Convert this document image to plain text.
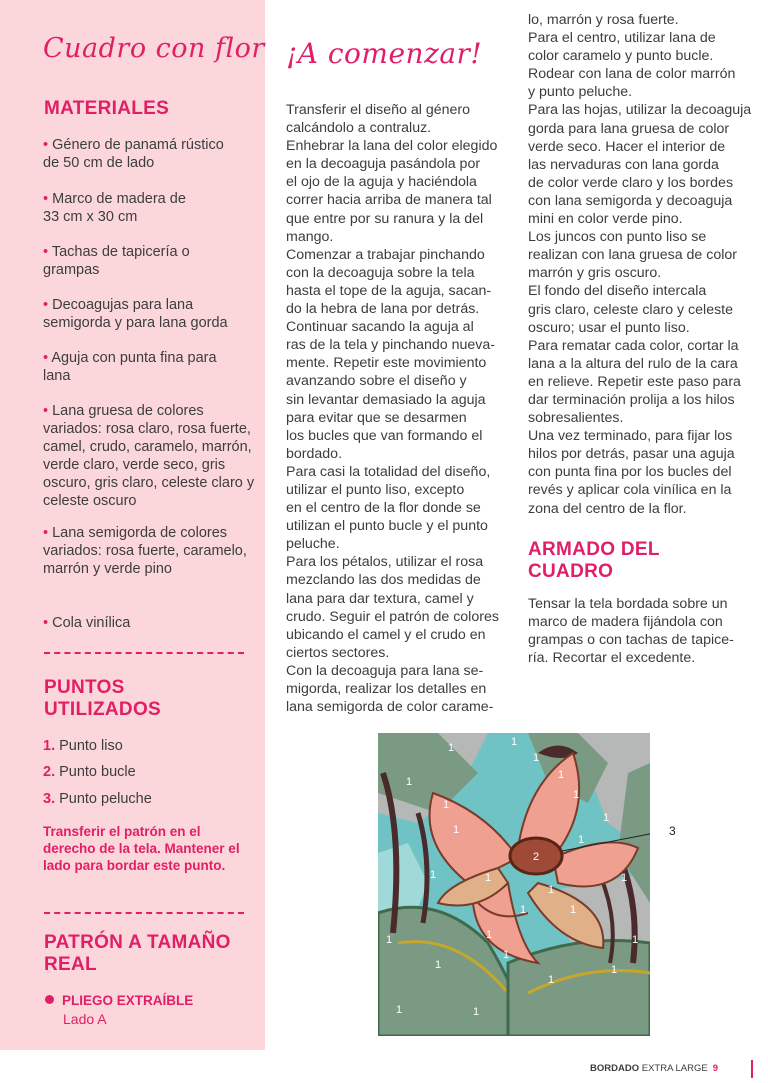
Cuadro con flor
MATERIALES
• Género de panamá rústico
de 50 cm de lado
• Marco de madera de
33 cm x 30 cm
• Tachas de tapicería o
grampas
• Decoagujas para lana
semigorda y para lana gorda
• Aguja con punta fina para
lana
• Lana gruesa de colores variados: rosa claro, rosa fuerte, camel, crudo, caramelo, marrón, verde claro, verde seco, gris oscuro, gris claro, celeste claro y celeste oscuro
• Lana semigorda de colores variados: rosa fuerte, caramelo, marrón y verde pino
• Cola vinílica
PUNTOS UTILIZADOS
1. Punto liso
2. Punto bucle
3. Punto peluche
Transferir el patrón en el derecho de la tela. Mantener el lado para bordar este punto.
PATRÓN A TAMAÑO REAL
PLIEGO EXTRAÍBLE
Lado A
¡A comenzar!
Transferir el diseño al género
calcándolo a contraluz.
Enhebrar la lana del color elegido
en la decoaguja pasándola por
el ojo de la aguja y haciéndola
correr hacia arriba de manera tal
que entre por su ranura y la del
mango.
Comenzar a trabajar pinchando
con la decoaguja sobre la tela
hasta el tope de la aguja, sacan-
do la hebra de lana por detrás.
Continuar sacando la aguja al
ras de la tela y pinchando nueva-
mente. Repetir este movimiento
avanzando sobre el diseño y
sin levantar demasiado la aguja
para evitar que se desarmen
los bucles que van formando el
bordado.
Para casi la totalidad del diseño,
utilizar el punto liso, excepto
en el centro de la flor donde se
utilizan el punto bucle y el punto
peluche.
Para los pétalos, utilizar el rosa
mezclando las dos medidas de
lana para dar textura, camel y
crudo. Seguir el patrón de colores
ubicando el camel y el crudo en
ciertos sectores.
Con la decoaguja para lana se-
migorda, realizar los detalles en
lana semigorda de color carame-
lo, marrón y rosa fuerte.
Para el centro, utilizar lana de
color caramelo y punto bucle.
Rodear con lana de color marrón
y punto peluche.
Para las hojas, utilizar la decoaguja
gorda para lana gruesa de color
verde seco. Hacer el interior de
las nervaduras con lana gorda
de color verde claro y los bordes
con lana semigorda y decoaguja
mini en color verde pino.
Los juncos con punto liso se
realizan con lana gruesa de color
marrón y gris oscuro.
El fondo del diseño intercala
gris claro, celeste claro y celeste
oscuro; usar el punto liso.
Para rematar cada color, cortar la
lana a la altura del rulo de la cara
en relieve. Repetir este paso para
dar terminación prolija a los hilos
sobresalientes.
Una vez terminado, para fijar los
hilos por detrás, pasar una aguja
con punta fina por los bucles del
revés y aplicar cola vinílica en la
zona del centro de la flor.
ARMADO DEL CUADRO
Tensar la tela bordada sobre un
marco de madera fijándola con
grampas o con tachas de tapice-
ría. Recortar el excedente.
1	1
1
1
1
1
1
1
1
1
1	1	1
1
1
1
1
1	1
1
1	1
1
1	1
2
3
BORDADO EXTRA LARGE 9
